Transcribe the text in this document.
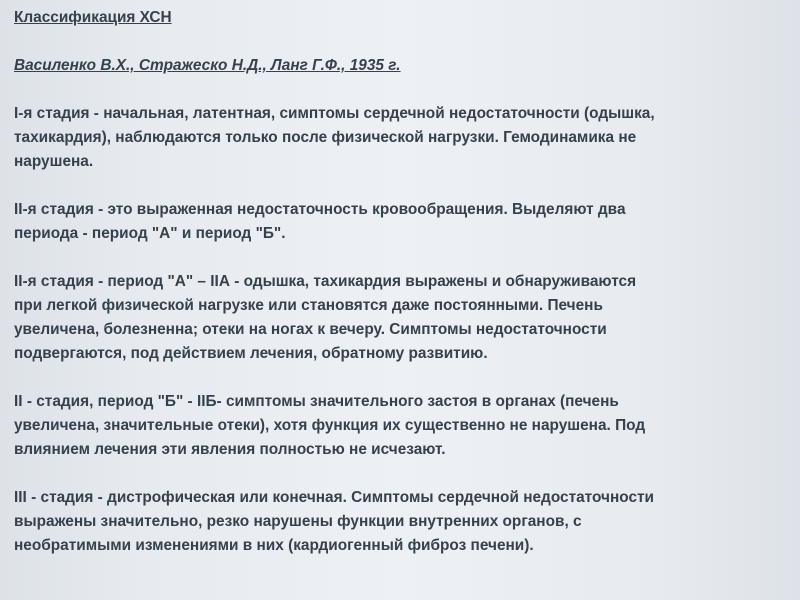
Классификация ХСН

Василенко В.Х., Стражеско Н.Д., Ланг Г.Ф., 1935 г.

I-я стадия - начальная, латентная, симптомы сердечной недостаточности (одышка,
тахикардия), наблюдаются только после физической нагрузки. Гемодинамика не
нарушена.

II-я стадия - это выраженная недостаточность кровообращения. Выделяют два
периода - период "А" и период "Б".

II-я стадия - период "А" – IIА - одышка, тахикардия выражены и обнаруживаются
при легкой физической нагрузке или становятся даже постоянными. Печень
увеличена, болезненна; отеки на ногах к вечеру. Симптомы недостаточности
подвергаются, под действием лечения, обратному развитию.

II - стадия, период "Б" - IIБ- симптомы значительного застоя в органах (печень
увеличена, значительные отеки), хотя функция их существенно не нарушена. Под
влиянием лечения эти явления полностью не исчезают.

III - стадия - дистрофическая или конечная. Симптомы сердечной недостаточности
выражены значительно, резко нарушены функции внутренних органов, с
необратимыми изменениями в них (кардиогенный фиброз печени).
